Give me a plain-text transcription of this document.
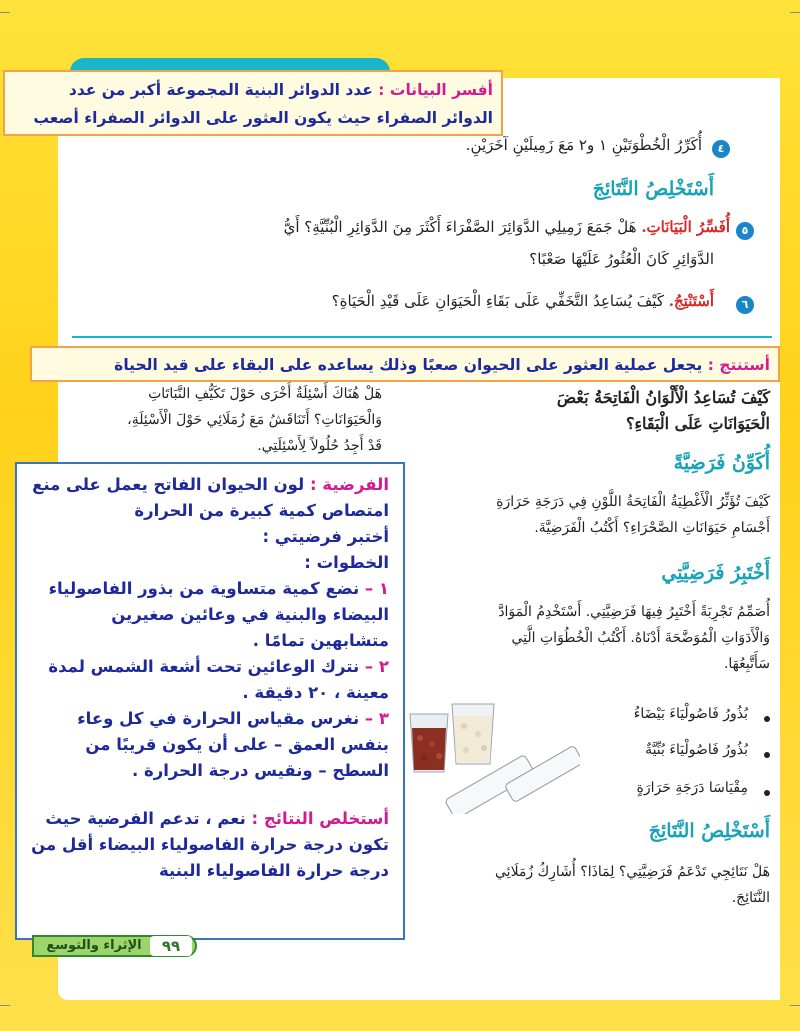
٤
أُكَرِّرُ الْخُطْوَتَيْنِ ١ و٢ مَعَ زَمِيلَيْنِ آخَرَيْنِ.
أَسْتَخْلِصُ النَّتَائِجَ
٥
أُفَسِّرُ الْبَيَانَاتِ. هَلْ جَمَعَ زَمِيلِي الدَّوَائِرَ الصَّفْرَاءَ أَكْثَرَ مِنَ الدَّوَائِرِ الْبُنِّيَّةِ؟ أَيُّ
الدَّوَائِرِ كَانَ الْعُثُورُ عَلَيْهَا صَعْبًا؟
٦
أَسْتَنْتِجُ. كَيْفَ يُسَاعِدُ التَّخَفِّي عَلَى بَقَاءِ الْحَيَوَانِ عَلَى قَيْدِ الْحَيَاةِ؟
هَلْ هُنَاكَ أَسْئِلَةٌ أُخْرَى حَوْلَ تَكَيُّفِ النَّبَاتَاتِ
وَالْحَيَوَانَاتِ؟ أَتَنَاقَشُ مَعَ زُمَلَائِي حَوْلَ الْأَسْئِلَةِ،
قَدْ أَجِدُ حُلُولاً لِأَسْئِلَتِي.
كَيْفَ تُسَاعِدُ الْأَلْوَانُ الْفَاتِحَةُ بَعْضَ
الْحَيَوَانَاتِ عَلَى الْبَقَاءِ؟
أُكَوِّنُ فَرَضِيَّةً
كَيْفَ تُؤَثِّرُ الْأَغْطِيَةُ الْفَاتِحَةُ اللَّوْنِ فِي دَرَجَةِ حَرَارَةِ
أَجْسَامِ حَيَوَانَاتِ الصَّحْرَاءِ؟ أَكْتُبُ الْفَرَضِيَّةَ.
أَخْتَبِرُ فَرَضِيَّتِي
أُصَمِّمُ تَجْرِبَةً أَخْتَبِرُ فِيهَا فَرَضِيَّتِي. أَسْتَخْدِمُ الْمَوَادَّ
وَالْأَدَوَاتِ الْمُوَضَّحَةَ أَدْنَاهُ. أَكْتُبُ الْخُطُوَاتِ الَّتِي
سَأَتَّبِعُهَا.
بُذُورُ فَاصُولْيَاءَ بَيْضَاءُ
بُذُورُ فَاصُولْيَاءَ بُنِّيَّةٌ
مِقْيَاسَا دَرَجَةِ حَرَارَةٍ
أَسْتَخْلِصُ النَّتَائِجَ
هَلْ نَتَائِجِي تَدْعَمُ فَرَضِيَّتِي؟ لِمَاذَا؟ أُشَارِكُ زُمَلَائِي
النَّتَائِجَ.
أفسر البيانات : عدد الدوائر البنية المجموعة أكبر من عدد
الدوائر الصفراء حيث يكون العثور على الدوائر الصفراء أصعب
أستنتج : يجعل عملية العثور على الحيوان صعبًا وذلك يساعده على البقاء على قيد الحياة

الفرضية : لون الحيوان الفاتح يعمل على منع امتصاص كمية كبيرة من الحرارة

أختبر فرضيتي :

الخطوات :

١ – نضع كمية متساوية من بذور الفاصولياء البيضاء والبنية في وعائين صغيرين متشابهين تمامًا .

٢ – نترك الوعائين تحت أشعة الشمس لمدة معينة ، ٢٠ دقيقة .

٣ – نغرس مقياس الحرارة في كل وعاء بنفس العمق – على أن يكون قريبًا من السطح – ونقيس درجة الحرارة .

أستخلص النتائج : نعم ، تدعم الفرضية حيث تكون درجة حرارة الفاصولياء البيضاء أقل من درجة حرارة الفاصولياء البنية

الإثراء والتوسع	٩٩
